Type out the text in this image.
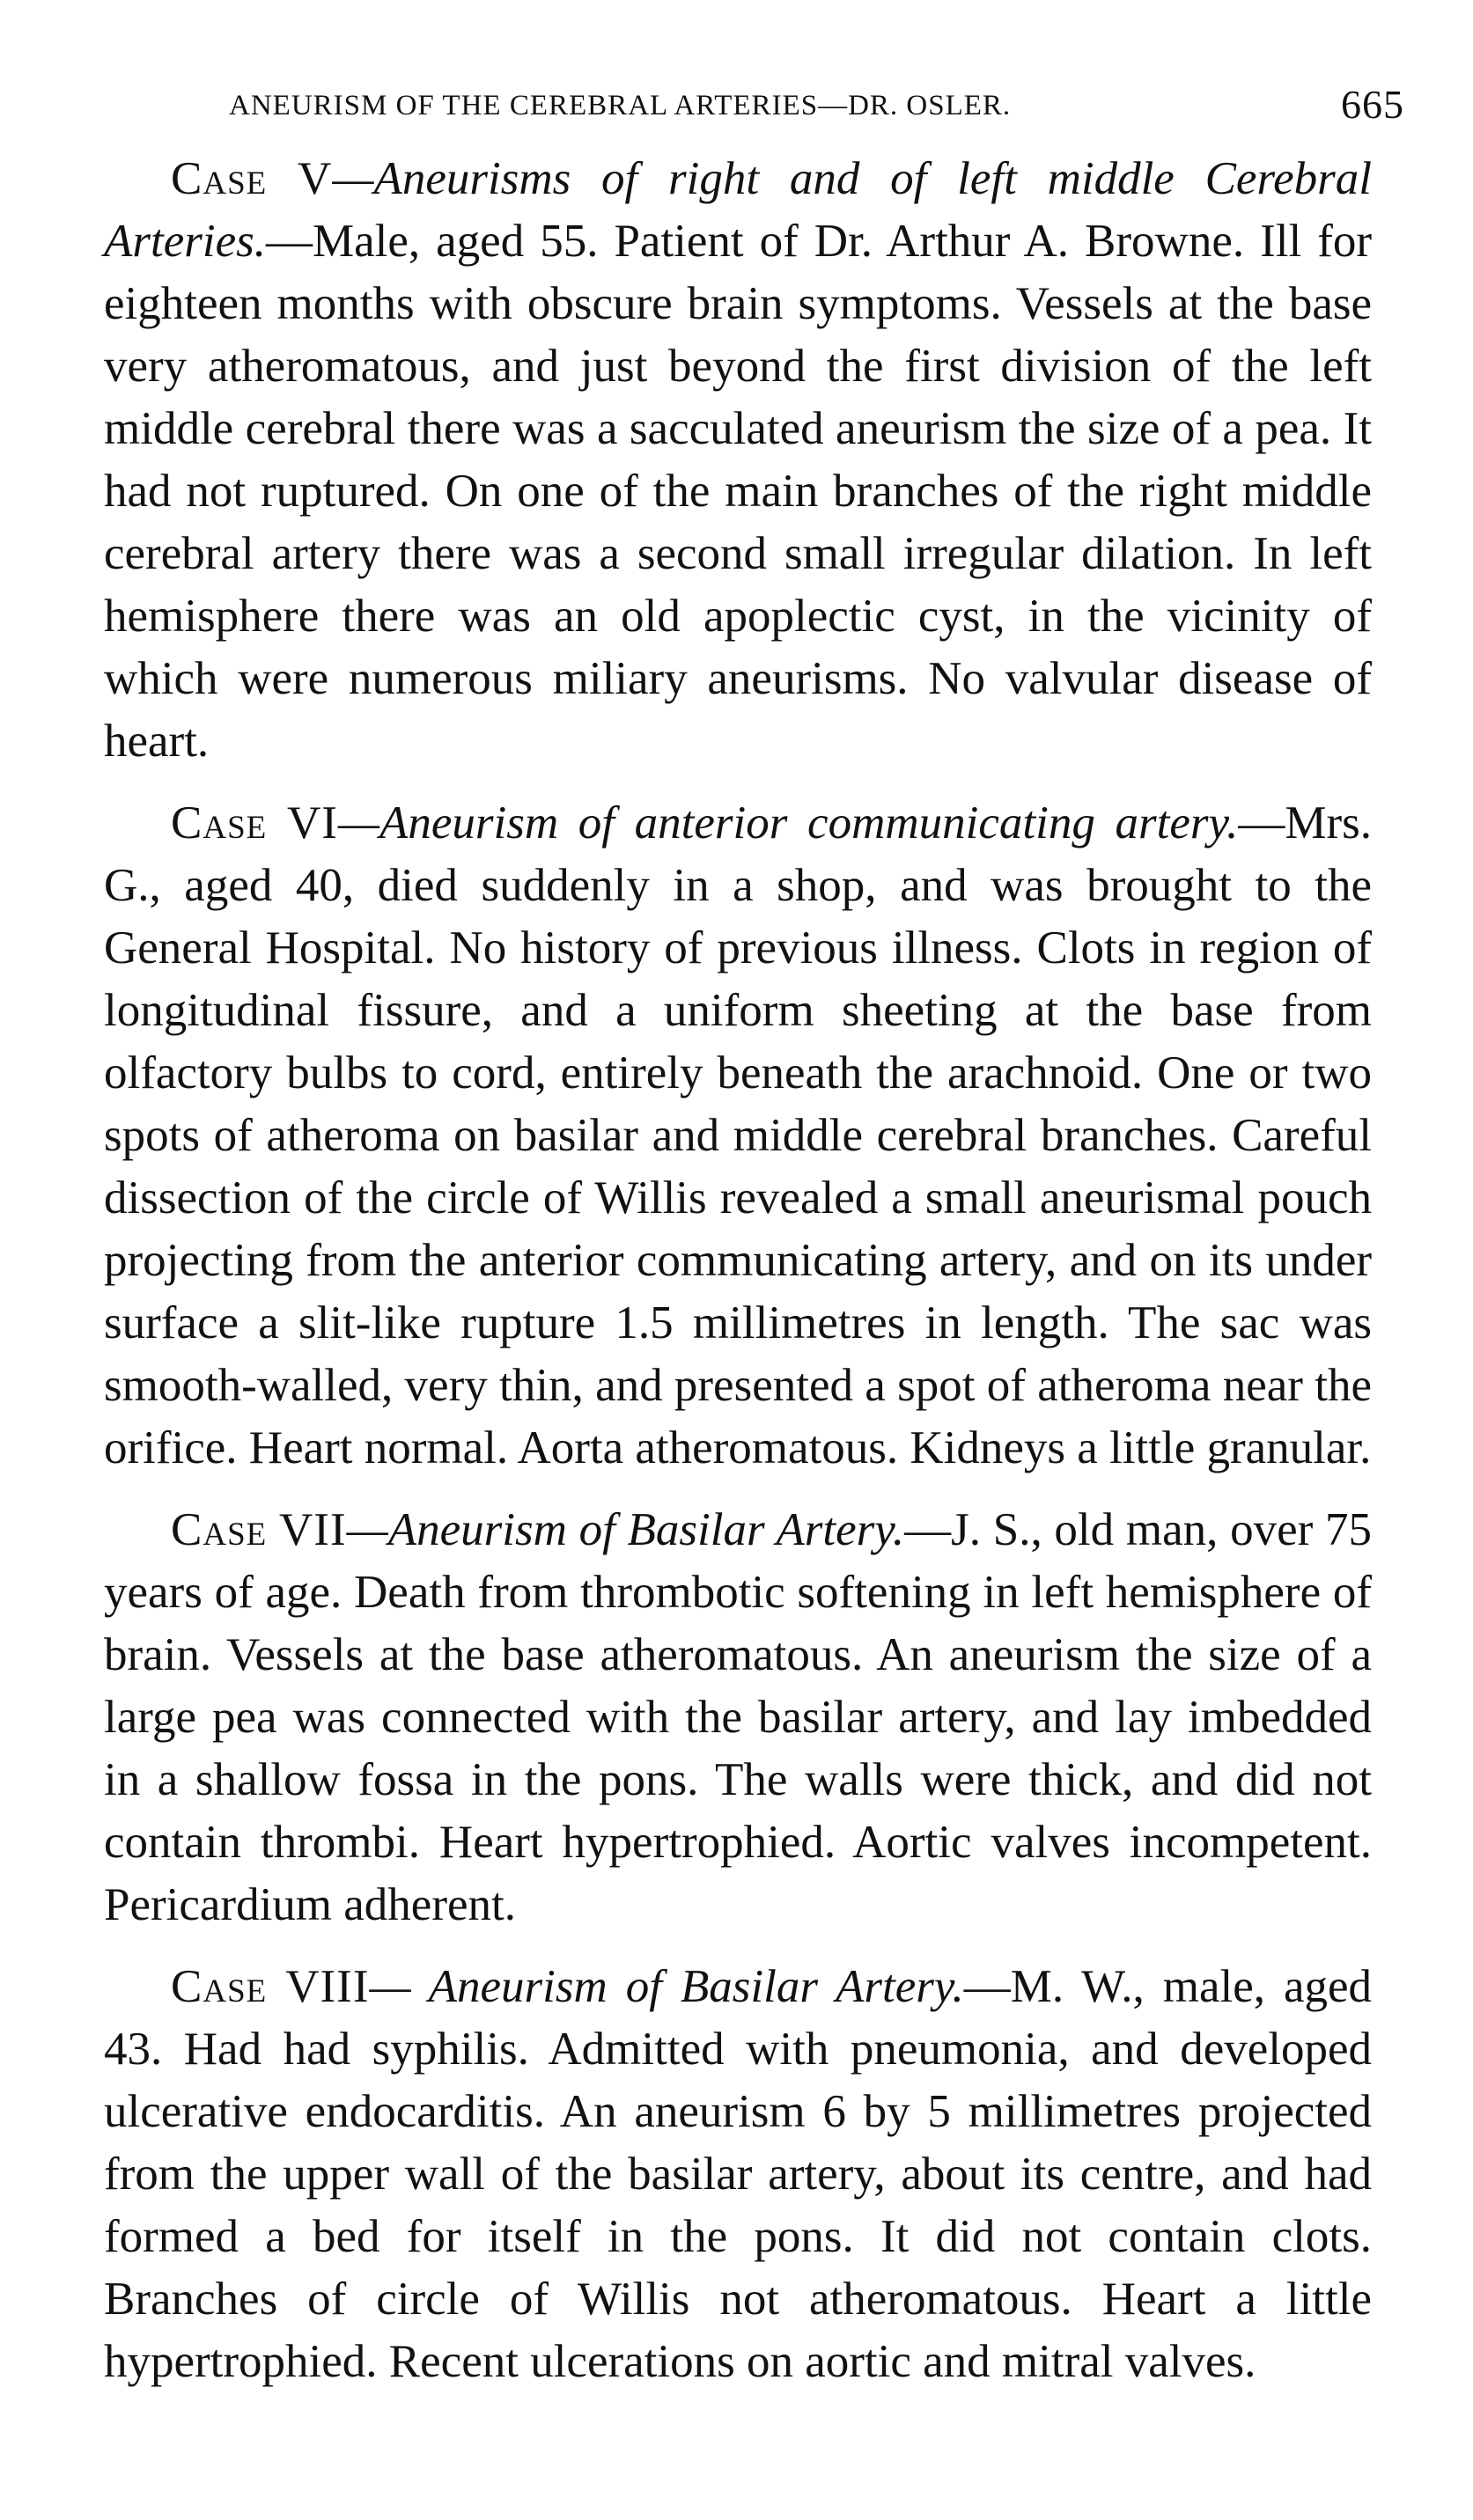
ANEURISM OF THE CEREBRAL ARTERIES—DR. OSLER.	665

Case V—Aneurisms of right and of left middle Cerebral Arteries.—Male, aged 55. Patient of Dr. Arthur A. Browne. Ill for eighteen months with obscure brain symptoms. Vessels at the base very atheromatous, and just beyond the first division of the left middle cerebral there was a sacculated aneurism the size of a pea. It had not ruptured. On one of the main branches of the right middle cerebral artery there was a second small irregular dilation. In left hemisphere there was an old apoplectic cyst, in the vicinity of which were numerous miliary aneurisms. No valvular disease of heart.

Case VI—Aneurism of anterior communicating artery.—Mrs. G., aged 40, died suddenly in a shop, and was brought to the General Hospital. No history of previous illness. Clots in region of longitudinal fissure, and a uniform sheeting at the base from olfactory bulbs to cord, entirely beneath the arachnoid. One or two spots of atheroma on basilar and middle cerebral branches. Careful dissection of the circle of Willis revealed a small aneurismal pouch projecting from the anterior communicating artery, and on its under surface a slit-like rupture 1.5 millimetres in length. The sac was smooth-walled, very thin, and presented a spot of atheroma near the orifice. Heart normal. Aorta atheromatous. Kidneys a little granular.

Case VII—Aneurism of Basilar Artery.—J. S., old man, over 75 years of age. Death from thrombotic softening in left hemisphere of brain. Vessels at the base atheromatous. An aneurism the size of a large pea was connected with the basilar artery, and lay imbedded in a shallow fossa in the pons. The walls were thick, and did not contain thrombi. Heart hypertrophied. Aortic valves incompetent. Pericardium adherent.

Case VIII— Aneurism of Basilar Artery.—M. W., male, aged 43. Had had syphilis. Admitted with pneumonia, and developed ulcerative endocarditis. An aneurism 6 by 5 millimetres projected from the upper wall of the basilar artery, about its centre, and had formed a bed for itself in the pons. It did not contain clots. Branches of circle of Willis not atheromatous. Heart a little hypertrophied. Recent ulcerations on aortic and mitral valves.
